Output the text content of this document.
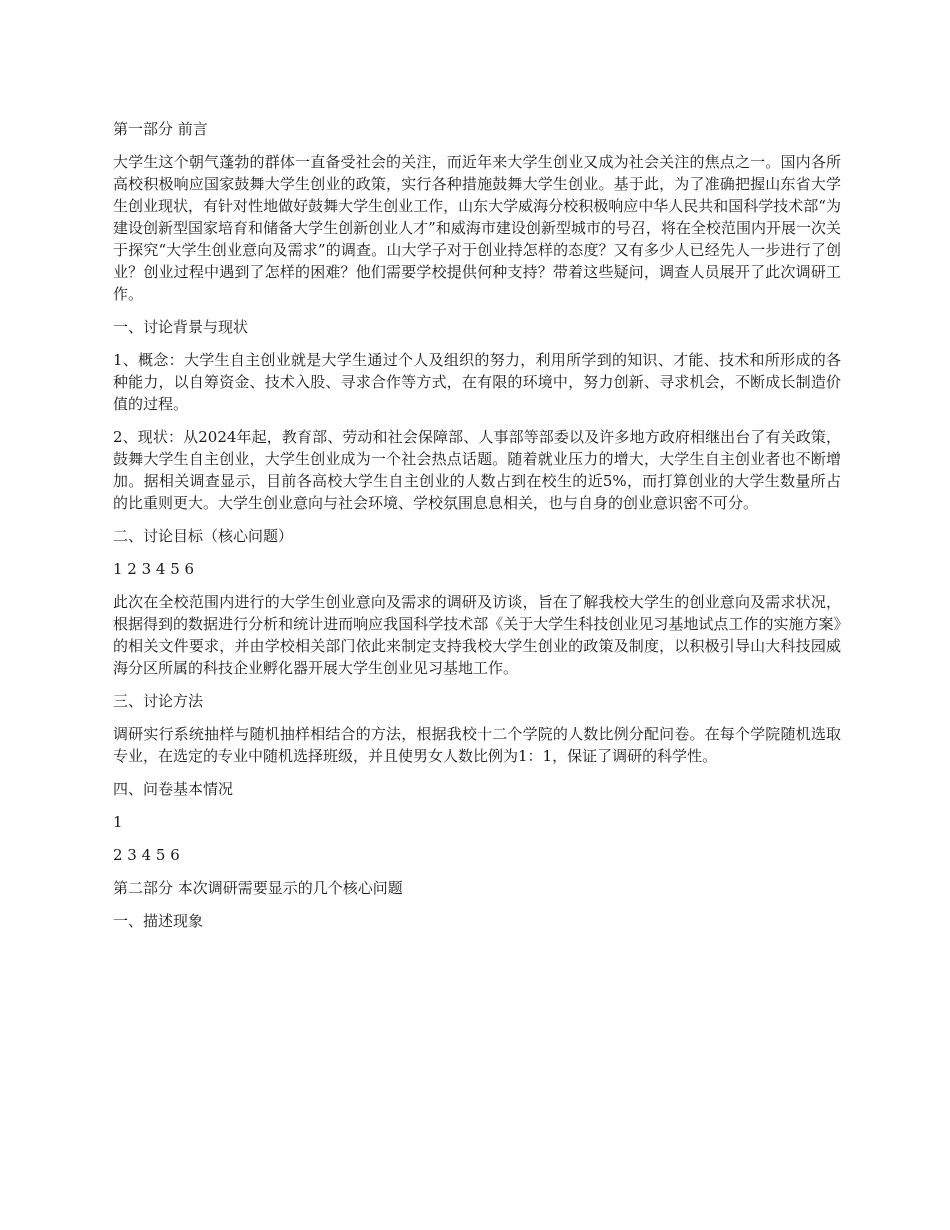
第一部分 前言

大学生这个朝气蓬勃的群体一直备受社会的关注，而近年来大学生创业又成为社会关注的焦点之一。国内各所高校积极响应国家鼓舞大学生创业的政策，实行各种措施鼓舞大学生创业。基于此，为了准确把握山东省大学生创业现状，有针对性地做好鼓舞大学生创业工作，山东大学威海分校积极响应中华人民共和国科学技术部“为建设创新型国家培育和储备大学生创新创业人才”和威海市建设创新型城市的号召，将在全校范围内开展一次关于探究“大学生创业意向及需求”的调查。山大学子对于创业持怎样的态度？又有多少人已经先人一步进行了创业？创业过程中遇到了怎样的困难？他们需要学校提供何种支持？带着这些疑问，调查人员展开了此次调研工作。

一、讨论背景与现状

1、概念：大学生自主创业就是大学生通过个人及组织的努力，利用所学到的知识、才能、技术和所形成的各种能力，以自筹资金、技术入股、寻求合作等方式，在有限的环境中，努力创新、寻求机会，不断成长制造价值的过程。

2、现状：从2024年起，教育部、劳动和社会保障部、人事部等部委以及许多地方政府相继出台了有关政策，鼓舞大学生自主创业，大学生创业成为一个社会热点话题。随着就业压力的增大，大学生自主创业者也不断增加。据相关调查显示，目前各高校大学生自主创业的人数占到在校生的近5%，而打算创业的大学生数量所占的比重则更大。大学生创业意向与社会环境、学校氛围息息相关，也与自身的创业意识密不可分。

二、讨论目标（核心问题）

1 2 3 4 5 6

此次在全校范围内进行的大学生创业意向及需求的调研及访谈，旨在了解我校大学生的创业意向及需求状况，根据得到的数据进行分析和统计进而响应我国科学技术部《关于大学生科技创业见习基地试点工作的实施方案》的相关文件要求，并由学校相关部门依此来制定支持我校大学生创业的政策及制度，以积极引导山大科技园威海分区所属的科技企业孵化器开展大学生创业见习基地工作。

三、讨论方法

调研实行系统抽样与随机抽样相结合的方法，根据我校十二个学院的人数比例分配问卷。在每个学院随机选取专业，在选定的专业中随机选择班级，并且使男女人数比例为1：1，保证了调研的科学性。

四、问卷基本情况

1

2 3 4 5 6

第二部分 本次调研需要显示的几个核心问题

一、描述现象
